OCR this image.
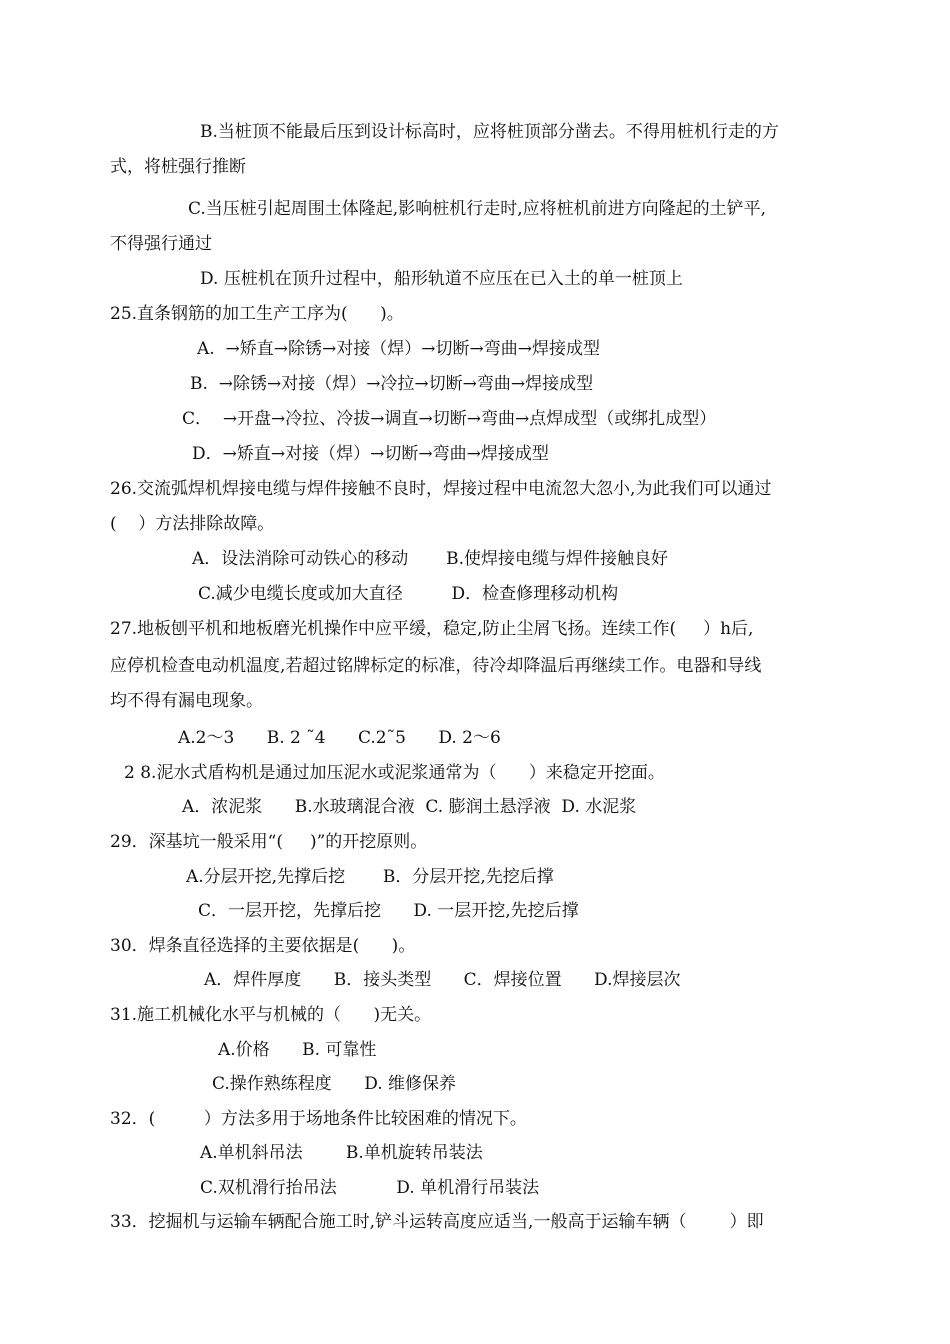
B.当桩顶不能最后压到设计标高时，应将桩顶部分凿去。不得用桩机行走的方
式，将桩强行推断
C.当压桩引起周围土体隆起,影响桩机行走时,应将桩机前进方向隆起的土铲平,
不得强行通过
D. 压桩机在顶升过程中，船形轨道不应压在已入土的单一桩顶上
25.直条钢筋的加工生产工序为(      )。
A.  →矫直→除锈→对接（焊）→切断→弯曲→焊接成型
B.  →除锈→对接（焊）→冷拉→切断→弯曲→焊接成型
C．  →开盘→冷拉、冷拔→调直→切断→弯曲→点焊成型（或绑扎成型）
D．→矫直→对接（焊）→切断→弯曲→焊接成型
26.交流弧焊机焊接电缆与焊件接触不良时，焊接过程中电流忽大忽小,为此我们可以通过
(    ）方法排除故障。
A．设法消除可动铁心的移动       B.使焊接电缆与焊件接触良好
C.减少电缆长度或加大直径         D．检查修理移动机构
27.地板刨平机和地板磨光机操作中应平缓，稳定,防止尘屑飞扬。连续工作(     ）h后,
应停机检查电动机温度,若超过铭牌标定的标准，待冷却降温后再继续工作。电器和导线
均不得有漏电现象。
A.2～3      B. 2 ˜4      C.2˜5      D. 2～6
2 8.泥水式盾构机是通过加压泥水或泥浆通常为（      ）来稳定开挖面。
A．浓泥浆      B.水玻璃混合液  C. 膨润土悬浮液  D. 水泥浆
29．深基坑一般采用“(     )”的开挖原则。
A.分层开挖,先撑后挖       B．分层开挖,先挖后撑
C．一层开挖，先撑后挖      D. 一层开挖,先挖后撑
30．焊条直径选择的主要依据是(      )。
A．焊件厚度      B．接头类型      C．焊接位置      D.焊接层次
31.施工机械化水平与机械的（      )无关。
A.价格      B. 可靠性
C.操作熟练程度      D. 维修保养
32．(         ）方法多用于场地条件比较困难的情况下。
A.单机斜吊法        B.单机旋转吊装法
C.双机滑行抬吊法           D. 单机滑行吊装法
33．挖掘机与运输车辆配合施工时,铲斗运转高度应适当,一般高于运输车辆（        ）即
